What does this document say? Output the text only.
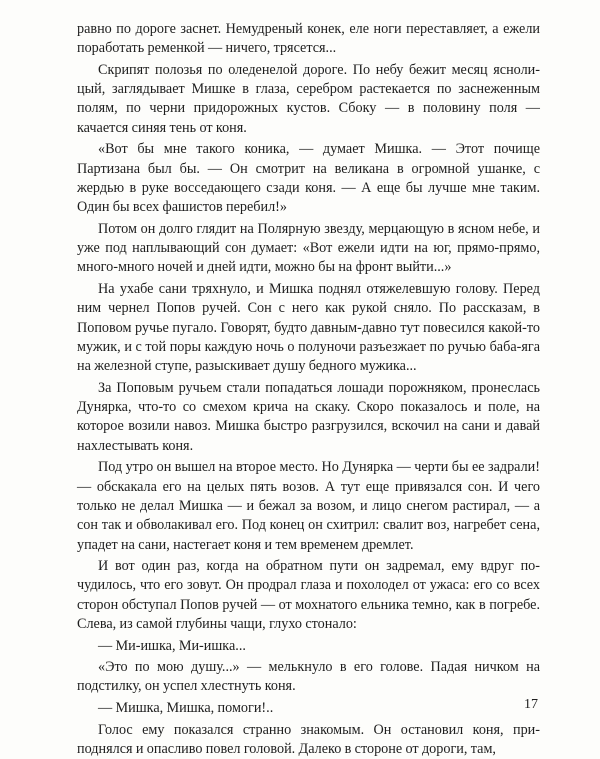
равно по дороге заснет. Немудреный конек, еле ноги переставляет, а ежели поработать ременкой — ничего, трясется...

Скрипят полозья по оледенелой дороге. По небу бежит месяц яснолицый, заглядывает Мишке в глаза, серебром растекается по заснеженным полям, по черни придорожных кустов. Сбоку — в половину поля — качается синяя тень от коня.

«Вот бы мне такого коника, — думает Мишка. — Этот почище Партизана был бы. — Он смотрит на великана в огромной ушанке, с жердью в руке восседающего сзади коня. — А еще бы лучше мне таким. Один бы всех фашистов перебил!»

Потом он долго глядит на Полярную звезду, мерцающую в ясном небе, и уже под наплывающий сон думает: «Вот ежели идти на юг, прямо-прямо, много-много ночей и дней идти, можно бы на фронт выйти...»

На ухабе сани тряхнуло, и Мишка поднял отяжелевшую голову. Перед ним чернел Попов ручей. Сон с него как рукой сняло. По рассказам, в Поповом ручье пугало. Говорят, будто давным-давно тут повесился какой-то мужик, и с той поры каждую ночь о полуночи разъезжает по ручью баба-яга на железной ступе, разыскивает душу бедного мужика...

За Поповым ручьем стали попадаться лошади порожняком, пронеслась Дунярка, что-то со смехом крича на скаку. Скоро показалось и поле, на которое возили навоз. Мишка быстро разгрузился, вскочил на сани и давай нахлестывать коня.

Под утро он вышел на второе место. Но Дунярка — черти бы ее задрали! — обскакала его на целых пять возов. А тут еще привязался сон. И чего только не делал Мишка — и бежал за возом, и лицо снегом растирал, — а сон так и обволакивал его. Под конец он схитрил: свалит воз, нагребет сена, упадет на сани, настегает коня и тем временем дремлет.

И вот один раз, когда на обратном пути он задремал, ему вдруг почудилось, что его зовут. Он продрал глаза и похолодел от ужаса: его со всех сторон обступал Попов ручей — от мохнатого ельника темно, как в погребе. Слева, из самой глубины чащи, глухо стонало:

— Ми-ишка, Ми-ишка...

«Это по мою душу...» — мелькнуло в его голове. Падая ничком на подстилку, он успел хлестнуть коня.

— Мишка, Мишка, помоги!..

Голос ему показался странно знакомым. Он остановил коня, приподнялся и опасливо повел головой. Далеко в стороне от дороги, там,

17
